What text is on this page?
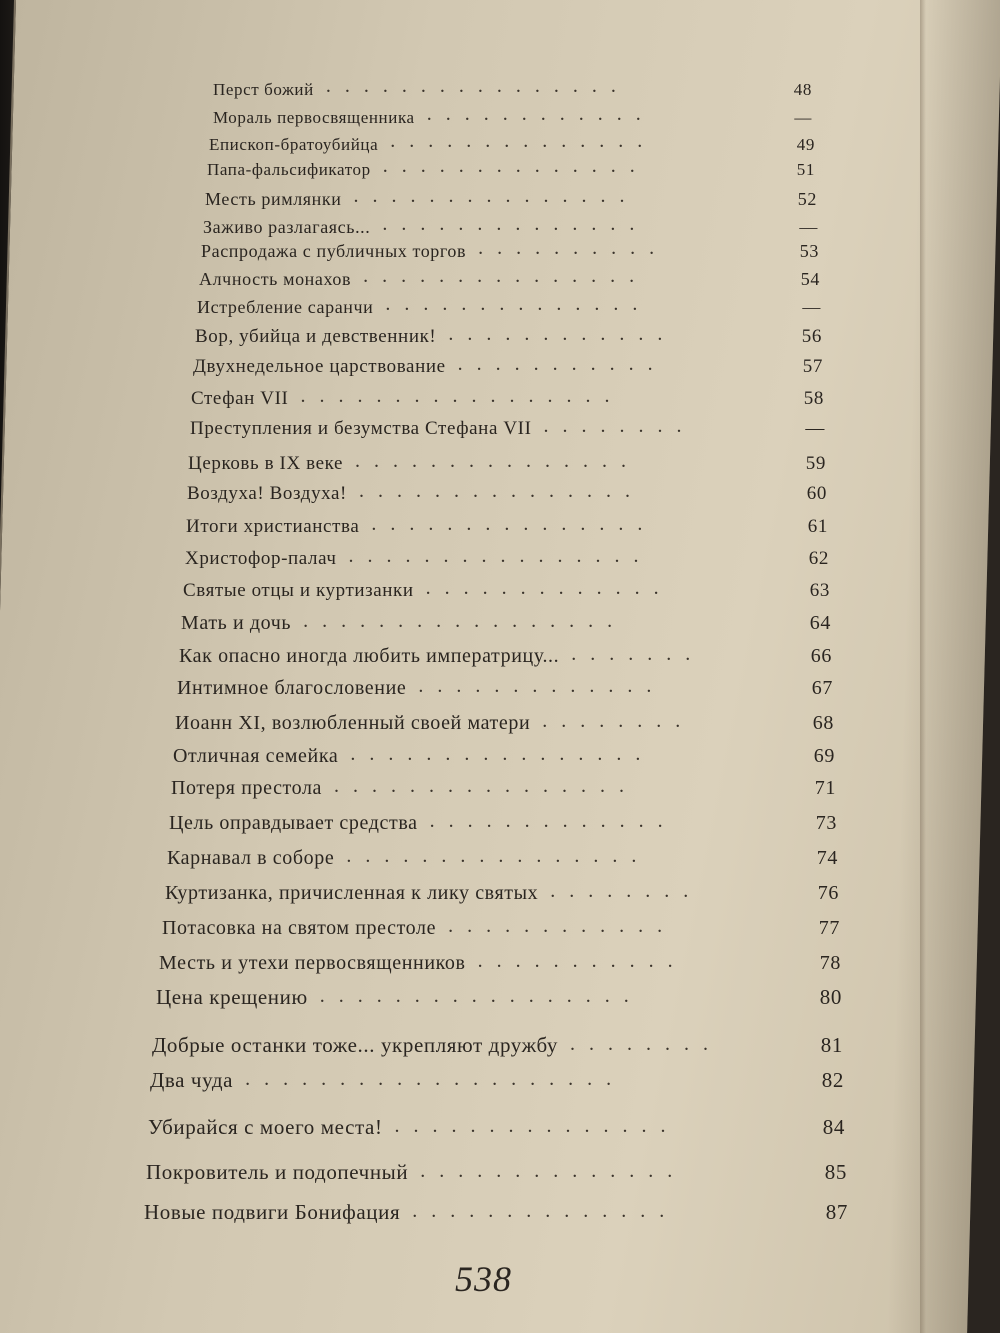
Перст божий	48
................
Мораль первосвященника	—
............
Епископ-братоубийца	49
..............
Папа-фальсификатор	51
..............
Месть римлянки	52
...............
Заживо разлагаясь...	—
..............
Распродажа с публичных торгов	53
..........
Алчность монахов	54
...............
Истребление саранчи	—
..............
Вор, убийца и девственник!	56
............
Двухнедельное царствование	57
...........
Стефан VII	58
.................
Преступления и безумства Стефана VII	—
........
Церковь в IX веке	59
...............
Воздуха! Воздуха!	60
...............
Итоги христианства	61
...............
Христофор-палач	62
................
Святые отцы и куртизанки	63
.............
Мать и дочь	64
.................
Как опасно иногда любить императрицу...	66
.......
Интимное благословение	67
.............
Иоанн XI, возлюбленный своей матери	68
........
Отличная семейка	69
................
Потеря престола	71
................
Цель оправдывает средства	73
.............
Карнавал в соборе	74
................
Куртизанка, причисленная к лику святых	76
........
Потасовка на святом престоле	77
............
Месть и утехи первосвященников	78
...........
Цена крещению	80
.................
Добрые останки тоже... укрепляют дружбу	81
........
Два чуда	82
....................
Убирайся с моего места!	84
...............
Покровитель и подопечный	85
..............
Новые подвиги Бонифация	87
..............
538
